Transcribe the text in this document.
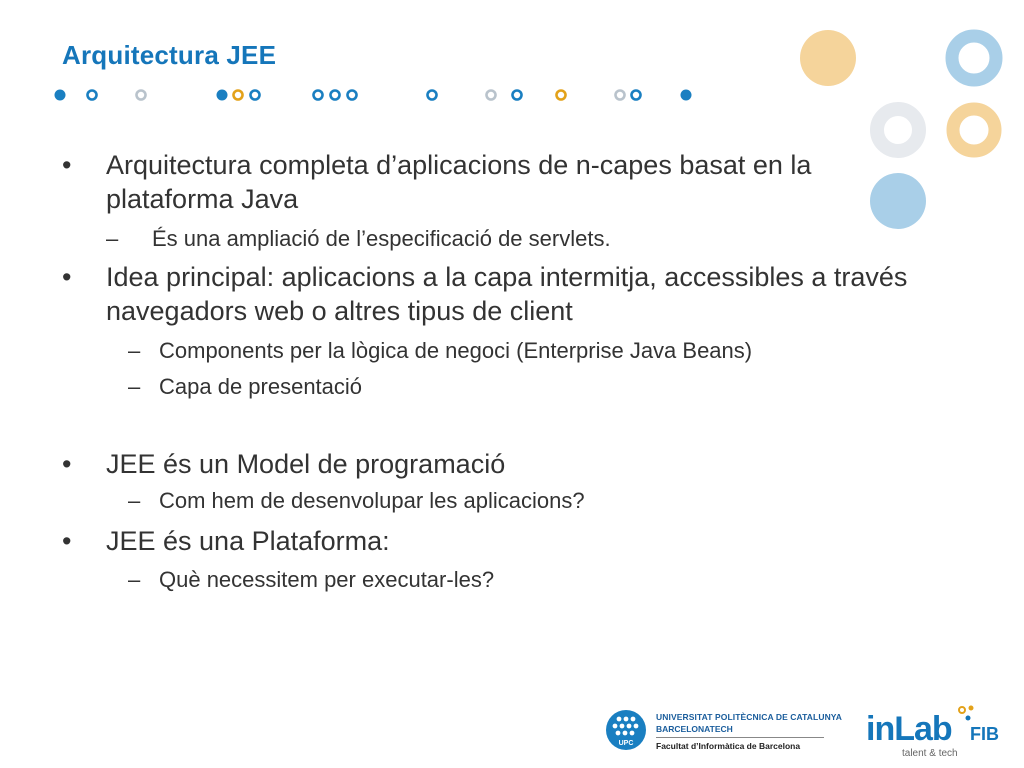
Arquitectura JEE
•	Arquitectura completa d’aplicacions de n-capes basat en la
plataforma Java
–	És una ampliació de l’especificació de servlets.
•	Idea principal: aplicacions a la capa intermitja, accessibles a través
navegadors web o altres tipus de client
– Components per la lògica de negoci (Enterprise Java Beans)
– Capa de presentació
•	JEE és un Model de programació
– Com hem de desenvolupar les aplicacions?
•	JEE és una Plataforma:
– Què necessitem per executar-les?
UPC
UNIVERSITAT POLITÈCNICA DE CATALUNYA
BARCELONATECH
Facultat d’Informàtica de Barcelona	inLab FIB
talent & tech
